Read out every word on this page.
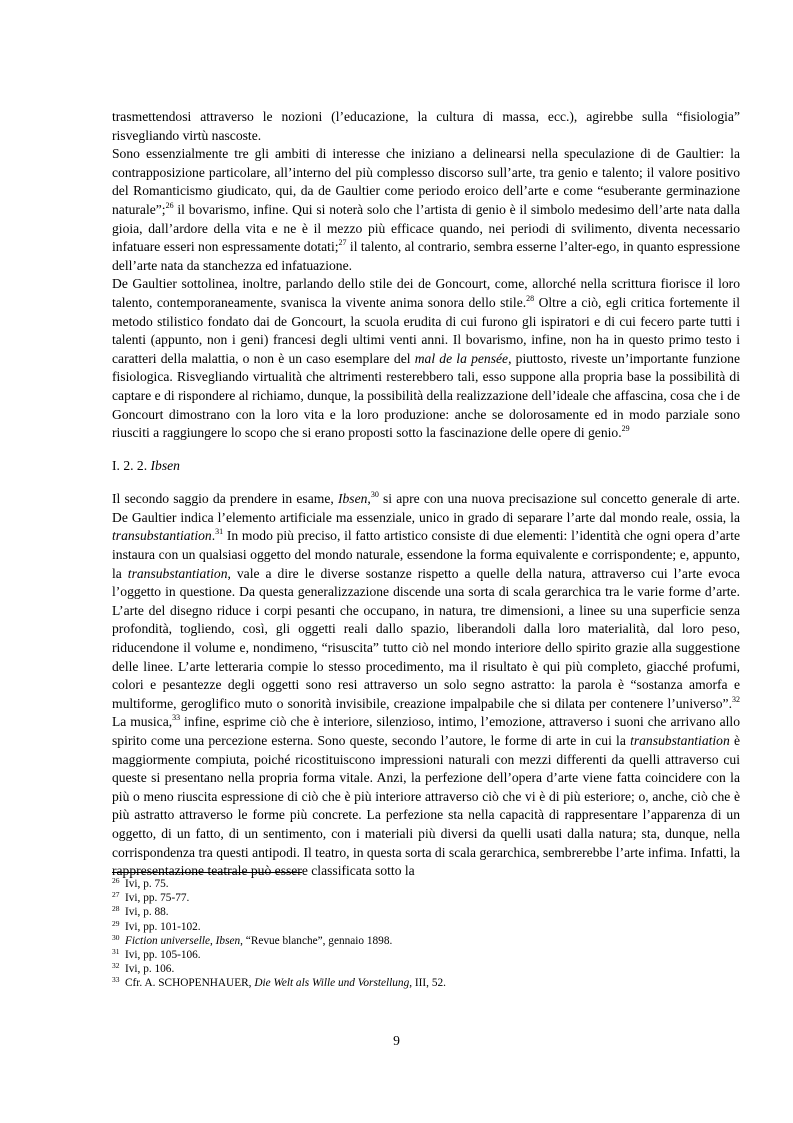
trasmettendosi attraverso le nozioni (l’educazione, la cultura di massa, ecc.), agirebbe sulla “fisiologia” risvegliando virtù nascoste.

Sono essenzialmente tre gli ambiti di interesse che iniziano a delinearsi nella speculazione di de Gaultier: la contrapposizione particolare, all’interno del più complesso discorso sull’arte, tra genio e talento; il valore positivo del Romanticismo giudicato, qui, da de Gaultier come periodo eroico dell’arte e come “esuberante germinazione naturale”;$^{26}$ il bovarismo, infine. Qui si noterà solo che l’artista di genio è il simbolo medesimo dell’arte nata dalla gioia, dall’ardore della vita e ne è il mezzo più efficace quando, nei periodi di svilimento, diventa necessario infatuare esseri non espressamente dotati;$^{27}$ il talento, al contrario, sembra esserne l’alter-ego, in quanto espressione dell’arte nata da stanchezza ed infatuazione.

De Gaultier sottolinea, inoltre, parlando dello stile dei de Goncourt, come, allorché nella scrittura fiorisce il loro talento, contemporaneamente, svanisca la vivente anima sonora dello stile.$^{28}$ Oltre a ciò, egli critica fortemente il metodo stilistico fondato dai de Goncourt, la scuola erudita di cui furono gli ispiratori e di cui fecero parte tutti i talenti (appunto, non i geni) francesi degli ultimi venti anni. Il bovarismo, infine, non ha in questo primo testo i caratteri della malattia, o non è un caso esemplare del mal de la pensée, piuttosto, riveste un’importante funzione fisiologica. Risvegliando virtualità che altrimenti resterebbero tali, esso suppone alla propria base la possibilità di captare e di rispondere al richiamo, dunque, la possibilità della realizzazione dell’ideale che affascina, cosa che i de Goncourt dimostrano con la loro vita e la loro produzione: anche se dolorosamente ed in modo parziale sono riusciti a raggiungere lo scopo che si erano proposti sotto la fascinazione delle opere di genio.$^{29}$

I. 2. 2. Ibsen

Il secondo saggio da prendere in esame, Ibsen,$^{30}$ si apre con una nuova precisazione sul concetto generale di arte. De Gaultier indica l’elemento artificiale ma essenziale, unico in grado di separare l’arte dal mondo reale, ossia, la transubstantiation.$^{31}$ In modo più preciso, il fatto artistico consiste di due elementi: l’identità che ogni opera d’arte instaura con un qualsiasi oggetto del mondo naturale, essendone la forma equivalente e corrispondente; e, appunto, la transubstantiation, vale a dire le diverse sostanze rispetto a quelle della natura, attraverso cui l’arte evoca l’oggetto in questione. Da questa generalizzazione discende una sorta di scala gerarchica tra le varie forme d’arte. L’arte del disegno riduce i corpi pesanti che occupano, in natura, tre dimensioni, a linee su una superficie senza profondità, togliendo, così, gli oggetti reali dallo spazio, liberandoli dalla loro materialità, dal loro peso, riducendone il volume e, nondimeno, “risuscita” tutto ciò nel mondo interiore dello spirito grazie alla suggestione delle linee. L’arte letteraria compie lo stesso procedimento, ma il risultato è qui più completo, giacché profumi, colori e pesantezze degli oggetti sono resi attraverso un solo segno astratto: la parola è “sostanza amorfa e multiforme, geroglifico muto o sonorità invisibile, creazione impalpabile che si dilata per contenere l’universo”.$^{32}$ La musica,$^{33}$ infine, esprime ciò che è interiore, silenzioso, intimo, l’emozione, attraverso i suoni che arrivano allo spirito come una percezione esterna. Sono queste, secondo l’autore, le forme di arte in cui la transubstantiation è maggiormente compiuta, poiché ricostituiscono impressioni naturali con mezzi differenti da quelli attraverso cui queste si presentano nella propria forma vitale. Anzi, la perfezione dell’opera d’arte viene fatta coincidere con la più o meno riuscita espressione di ciò che è più interiore attraverso ciò che vi è di più esteriore; o, anche, ciò che è più astratto attraverso le forme più concrete. La perfezione sta nella capacità di rappresentare l’apparenza di un oggetto, di un fatto, di un sentimento, con i materiali più diversi da quelli usati dalla natura; sta, dunque, nella corrispondenza tra questi antipodi. Il teatro, in questa sorta di scala gerarchica, sembrerebbe l’arte infima. Infatti, la rappresentazione teatrale può essere classificata sotto la

26 Ivi, p. 75.
27 Ivi, pp. 75-77.
28 Ivi, p. 88.
29 Ivi, pp. 101-102.
30 Fiction universelle, Ibsen, “Revue blanche”, gennaio 1898.
31 Ivi, pp. 105-106.
32 Ivi, p. 106.
33 Cfr. A. SCHOPENHAUER, Die Welt als Wille und Vorstellung, III, 52.
9
